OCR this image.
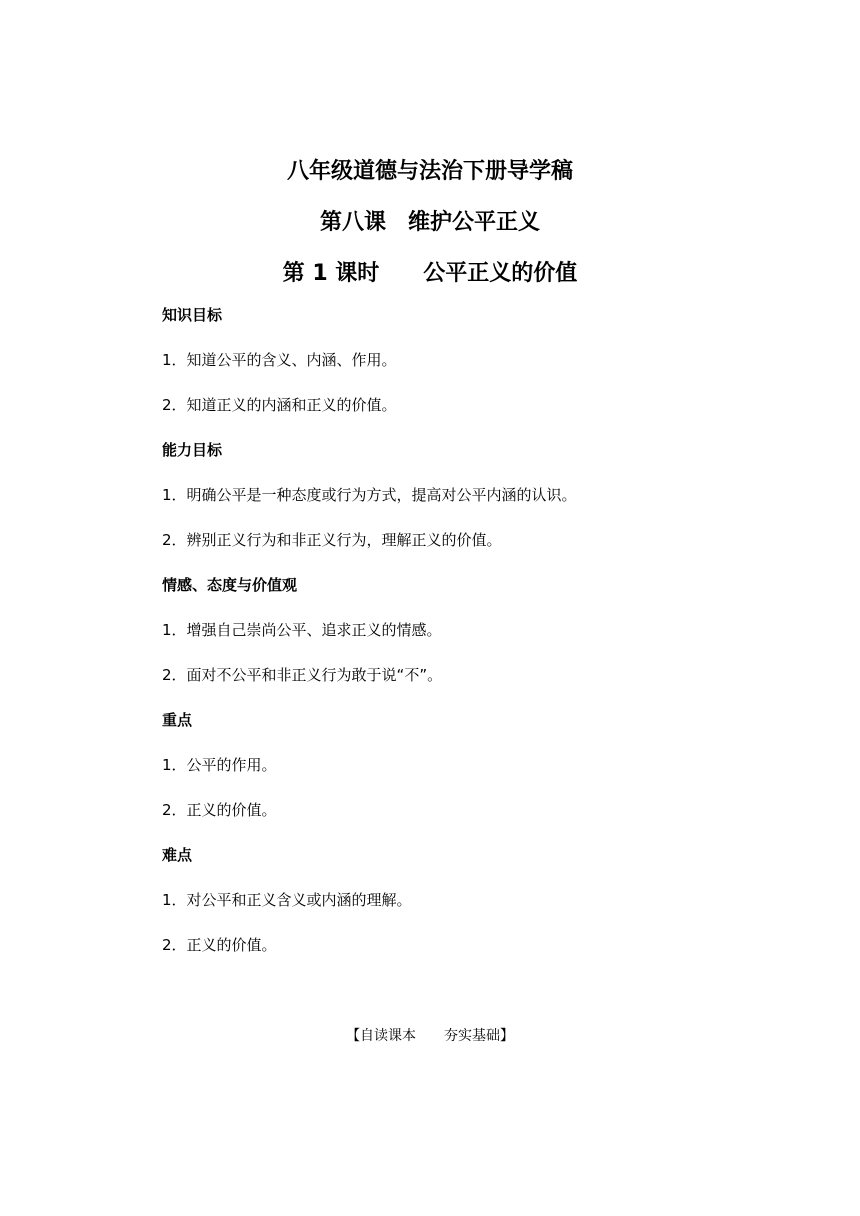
八年级道德与法治下册导学稿
第八课　维护公平正义
第 1 课时　　公平正义的价值
知识目标
1．知道公平的含义、内涵、作用。
2．知道正义的内涵和正义的价值。
能力目标
1．明确公平是一种态度或行为方式，提高对公平内涵的认识。
2．辨别正义行为和非正义行为，理解正义的价值。
情感、态度与价值观
1．增强自己崇尚公平、追求正义的情感。
2．面对不公平和非正义行为敢于说“不”。
重点
1．公平的作用。
2．正义的价值。
难点
1．对公平和正义含义或内涵的理解。
2．正义的价值。
【自读课本　　夯实基础】
